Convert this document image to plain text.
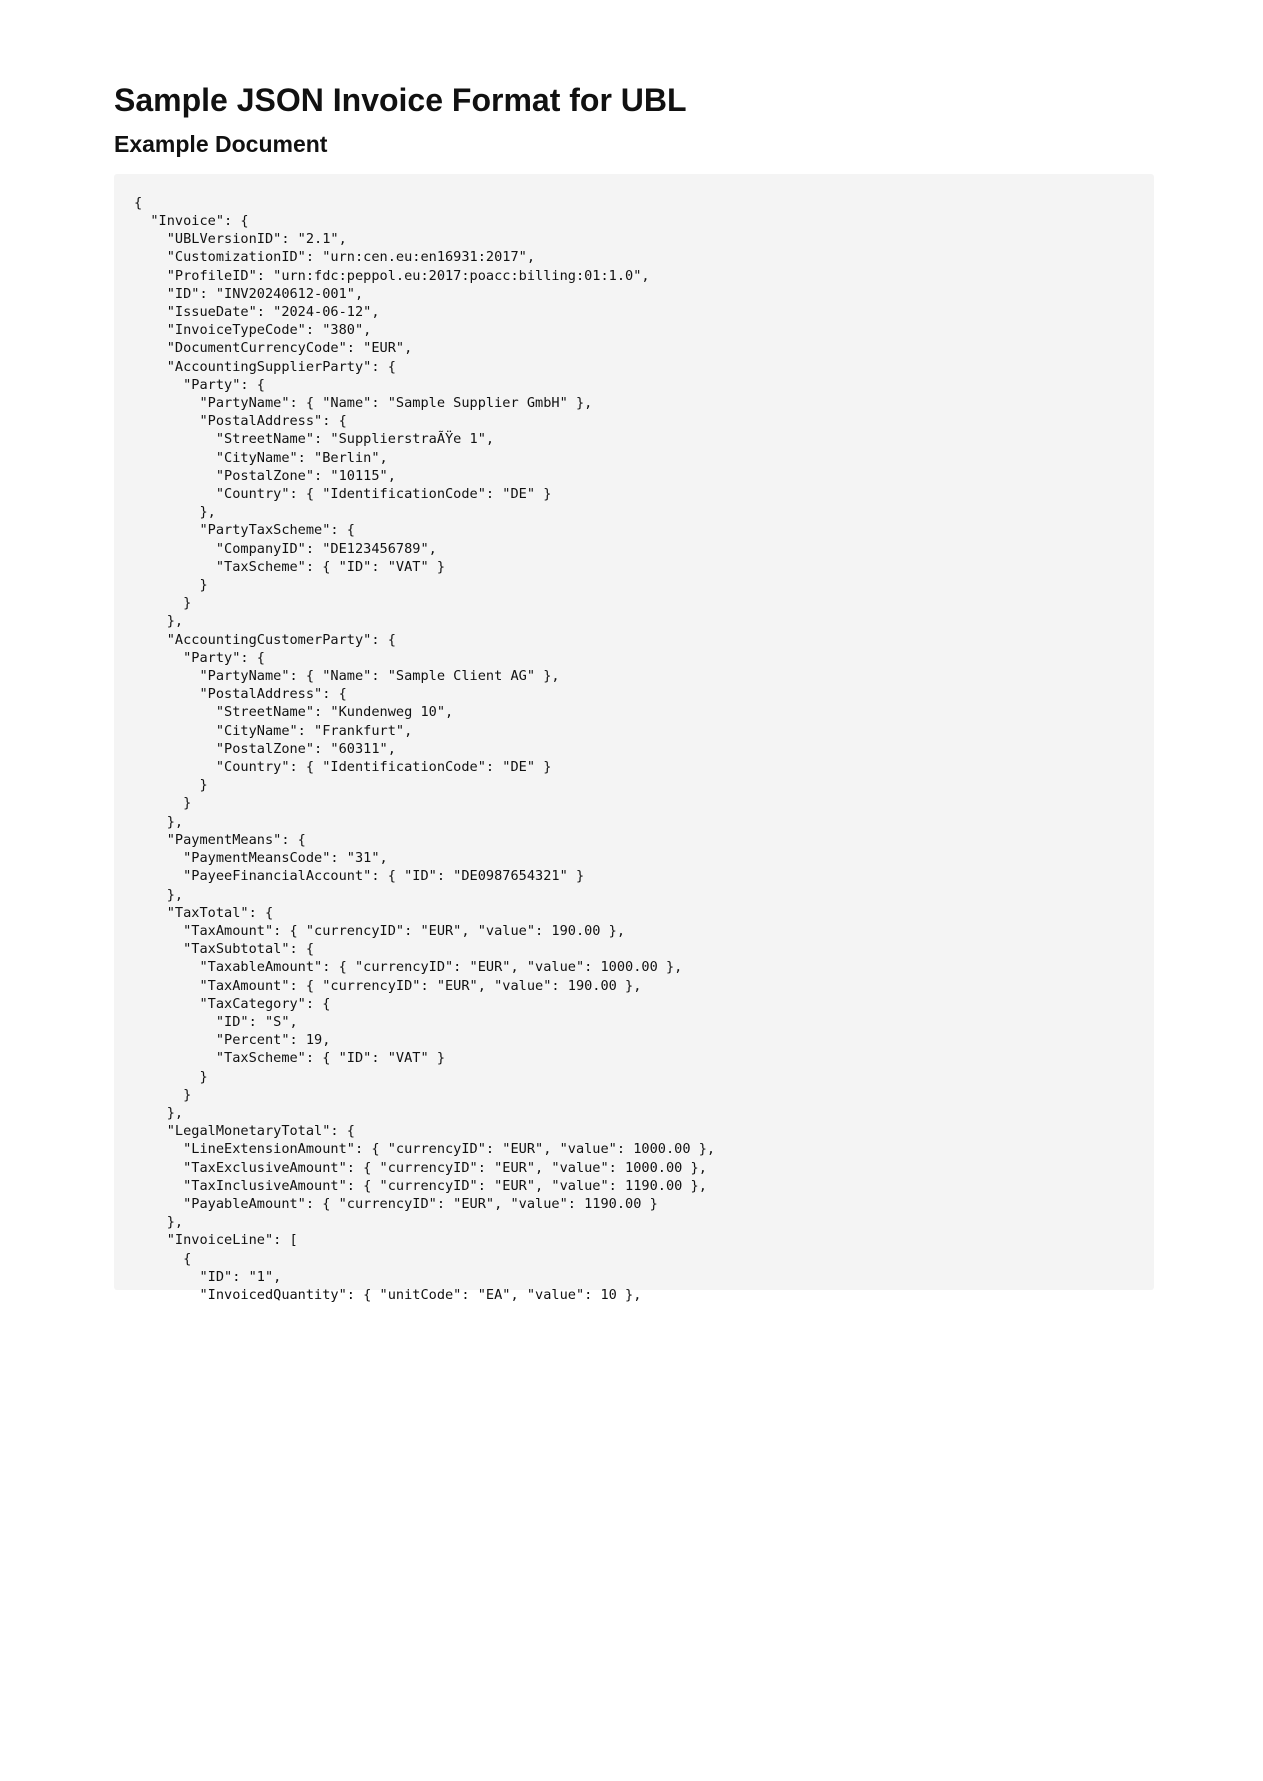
Sample JSON Invoice Format for UBL
Example Document
{
"Invoice": {
"UBLVersionID": "2.1",
"CustomizationID": "urn:cen.eu:en16931:2017",
"ProfileID": "urn:fdc:peppol.eu:2017:poacc:billing:01:1.0",
"ID": "INV20240612-001",
"IssueDate": "2024-06-12",
"InvoiceTypeCode": "380",
"DocumentCurrencyCode": "EUR",
"AccountingSupplierParty": {
"Party": {
"PartyName": { "Name": "Sample Supplier GmbH" },
"PostalAddress": {
"StreetName": "SupplierstraÃŸe 1",
"CityName": "Berlin",
"PostalZone": "10115",
"Country": { "IdentificationCode": "DE" }
},
"PartyTaxScheme": {
"CompanyID": "DE123456789",
"TaxScheme": { "ID": "VAT" }
}
}
},
"AccountingCustomerParty": {
"Party": {
"PartyName": { "Name": "Sample Client AG" },
"PostalAddress": {
"StreetName": "Kundenweg 10",
"CityName": "Frankfurt",
"PostalZone": "60311",
"Country": { "IdentificationCode": "DE" }
}
}
},
"PaymentMeans": {
"PaymentMeansCode": "31",
"PayeeFinancialAccount": { "ID": "DE0987654321" }
},
"TaxTotal": {
"TaxAmount": { "currencyID": "EUR", "value": 190.00 },
"TaxSubtotal": {
"TaxableAmount": { "currencyID": "EUR", "value": 1000.00 },
"TaxAmount": { "currencyID": "EUR", "value": 190.00 },
"TaxCategory": {
"ID": "S",
"Percent": 19,
"TaxScheme": { "ID": "VAT" }
}
}
},
"LegalMonetaryTotal": {
"LineExtensionAmount": { "currencyID": "EUR", "value": 1000.00 },
"TaxExclusiveAmount": { "currencyID": "EUR", "value": 1000.00 },
"TaxInclusiveAmount": { "currencyID": "EUR", "value": 1190.00 },
"PayableAmount": { "currencyID": "EUR", "value": 1190.00 }
},
"InvoiceLine": [
{
"ID": "1",
"InvoicedQuantity": { "unitCode": "EA", "value": 10 },
